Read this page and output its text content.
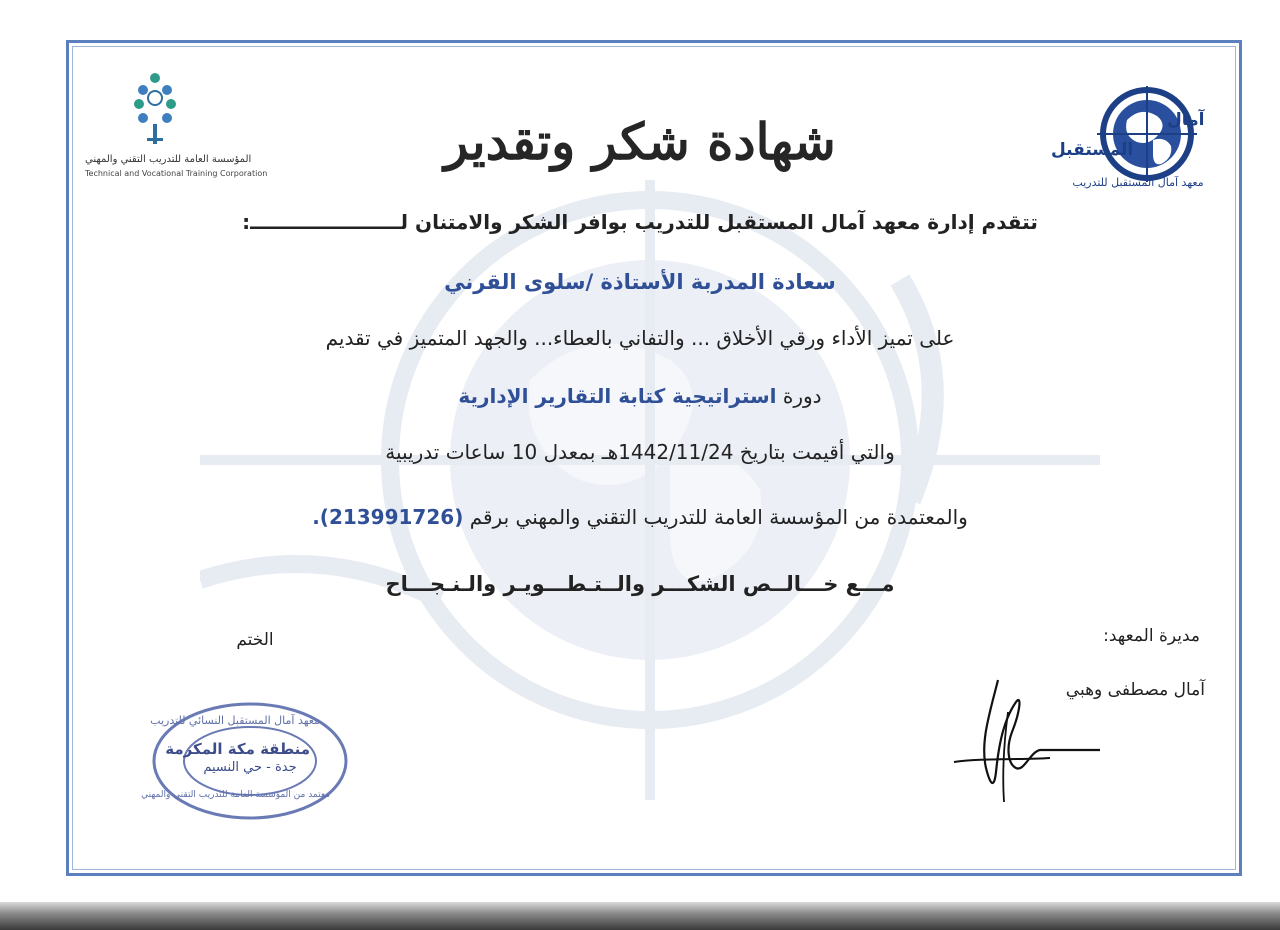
آمال
المستقبل
معهد آمال المستقبل للتدريب
المؤسسة العامة للتدريب التقني والمهني
Technical and Vocational Training Corporation
شهادة شكر وتقدير
تتقدم إدارة معهد آمال المستقبل للتدريب بوافر الشكر والامتنان لــــــــــــــــــــــ:
سعادة المدربة الأستاذة /سلوى القرني
على تميز الأداء ورقي الأخلاق ... والتفاني بالعطاء... والجهد المتميز في تقديم
دورة استراتيجية كتابة التقارير الإدارية
والتي أقيمت بتاريخ 1442/11/24هـ بمعدل 10 ساعات تدريبية
والمعتمدة من المؤسسة العامة للتدريب التقني والمهني برقم (213991726).
مـــع خـــالــص الشكـــر والــتـطـــويـر والـنـجـــاح
مديرة المعهد:
آمال مصطفى وهبي
الختم
معهد آمال المستقبل النسائي للتدريب
منطقة مكة المكرمة
جدة - حي النسيم
معتمد من المؤسسة العامة للتدريب التقني والمهني
